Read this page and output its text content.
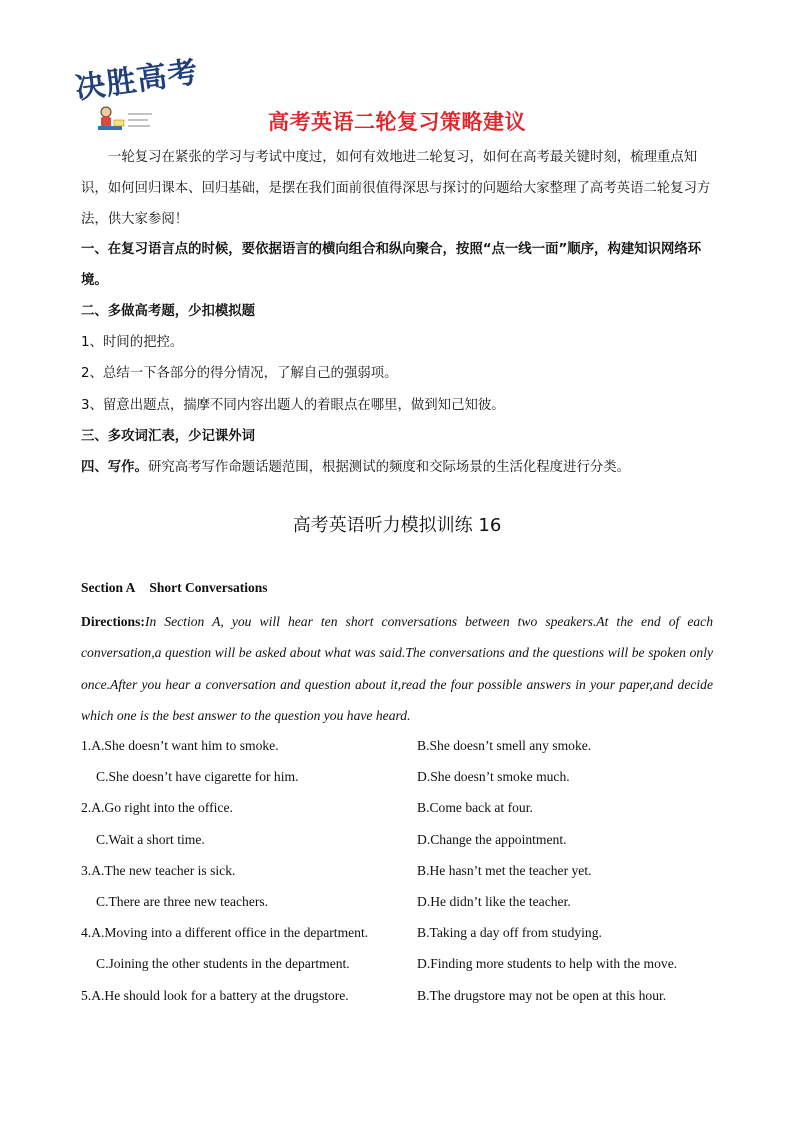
决胜高考
高考英语二轮复习策略建议
一轮复习在紧张的学习与考试中度过，如何有效地进二轮复习，如何在高考最关键时刻，梳理重点知识，如何回归课本、回归基础，是摆在我们面前很值得深思与探讨的问题给大家整理了高考英语二轮复习方法，供大家参阅！
一、在复习语言点的时候，要依据语言的横向组合和纵向聚合，按照“点一线一面”顺序，构建知识网络环境。
二、多做高考题，少扣模拟题
1、时间的把控。
2、总结一下各部分的得分情况，了解自己的强弱项。
3、留意出题点，揣摩不同内容出题人的着眼点在哪里，做到知己知彼。
三、多攻词汇表，少记课外词
四、写作。研究高考写作命题话题范围，根据测试的频度和交际场景的生活化程度进行分类。
高考英语听力模拟训练 16
Section A Short Conversations
Directions:In Section A, you will hear ten short conversations between two speakers.At the end of each conversation,a question will be asked about what was said.The conversations and the questions will be spoken only once.After you hear a conversation and question about it,read the four possible answers in your paper,and decide which one is the best answer to the question you have heard.
1.A.She doesn’t want him to smoke.	B.She doesn’t smell any smoke.
C.She doesn’t have cigarette for him.	D.She doesn’t smoke much.
2.A.Go right into the office.	B.Come back at four.
C.Wait a short time.	D.Change the appointment.
3.A.The new teacher is sick.	B.He hasn’t met the teacher yet.
C.There are three new teachers.	D.He didn’t like the teacher.
4.A.Moving into a different office in the department.	B.Taking a day off from studying.
C.Joining the other students in the department.	D.Finding more students to help with the move.
5.A.He should look for a battery at the drugstore.	B.The drugstore may not be open at this hour.
